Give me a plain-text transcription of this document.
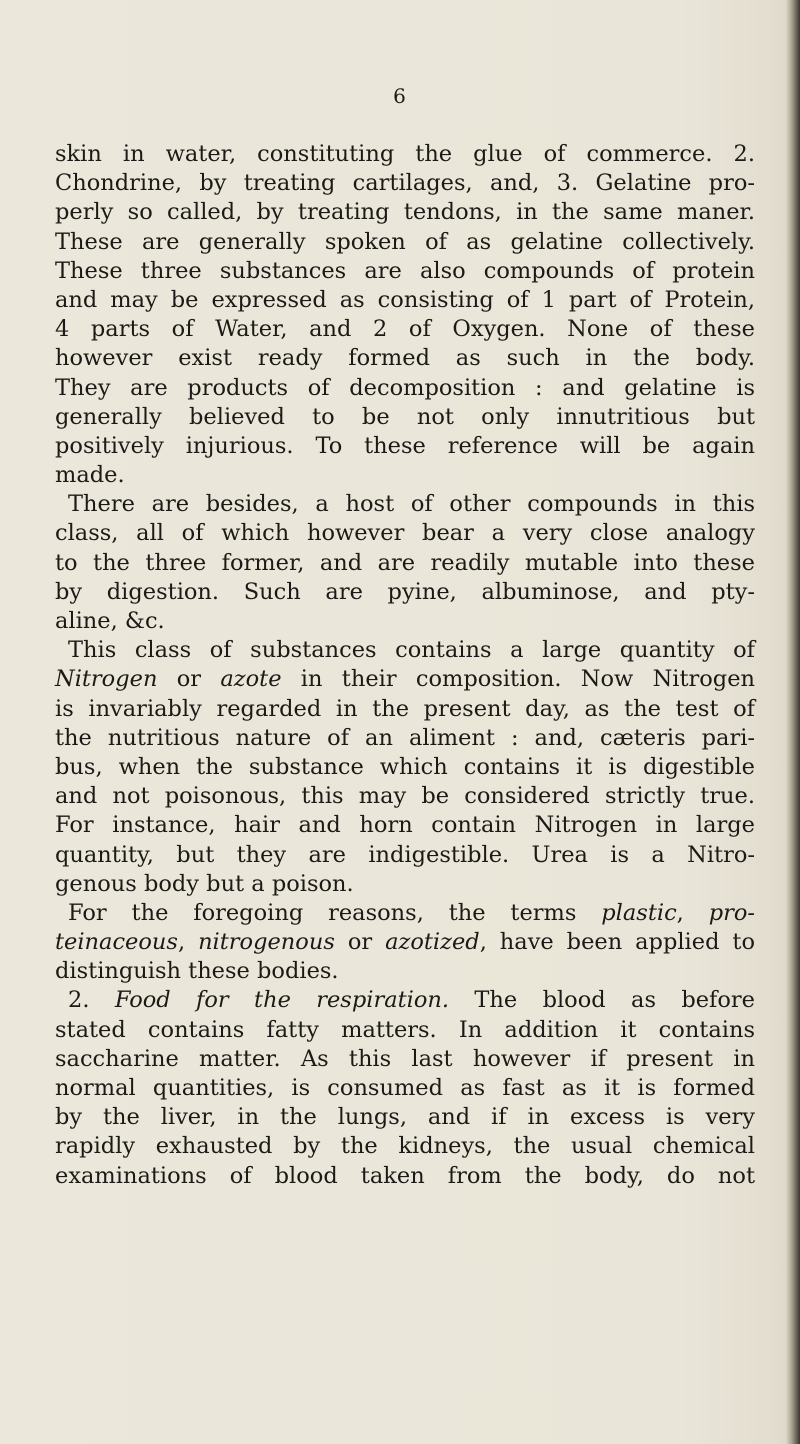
6
skin in water, constituting the glue of commerce. 2.
Chondrine, by treating cartilages, and, 3. Gelatine pro-
perly so called, by treating tendons, in the same maner.
These are generally spoken of as gelatine collectively.
These three substances are also compounds of protein
and may be expressed as consisting of 1 part of Protein,
4 parts of Water, and 2 of Oxygen. None of these
however exist ready formed as such in the body.
They are products of decomposition : and gelatine is
generally believed to be not only innutritious but
positively injurious. To these reference will be again
made.
There are besides, a host of other compounds in this
class, all of which however bear a very close analogy
to the three former, and are readily mutable into these
by digestion. Such are pyine, albuminose, and pty-
aline, &c.
This class of substances contains a large quantity of
Nitrogen or azote in their composition. Now Nitrogen
is invariably regarded in the present day, as the test of
the nutritious nature of an aliment : and, cæteris pari-
bus, when the substance which contains it is digestible
and not poisonous, this may be considered strictly true.
For instance, hair and horn contain Nitrogen in large
quantity, but they are indigestible. Urea is a Nitro-
genous body but a poison.
For the foregoing reasons, the terms plastic, pro-
teinaceous, nitrogenous or azotized, have been applied to
distinguish these bodies.
2. Food for the respiration. The blood as before
stated contains fatty matters. In addition it contains
saccharine matter. As this last however if present in
normal quantities, is consumed as fast as it is formed
by the liver, in the lungs, and if in excess is very
rapidly exhausted by the kidneys, the usual chemical
examinations of blood taken from the body, do not
